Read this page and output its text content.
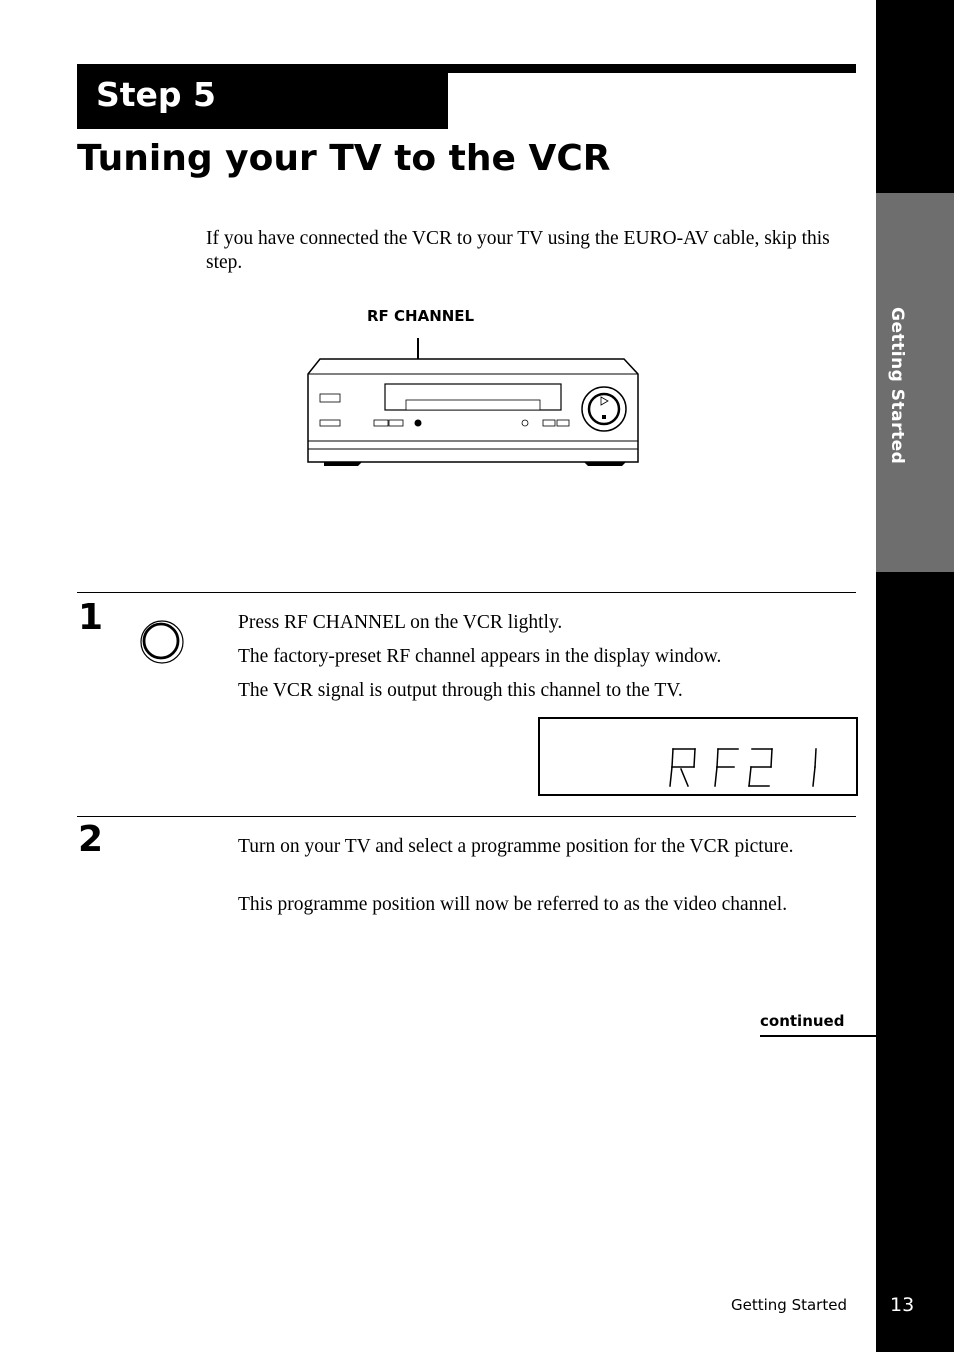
Getting Started
Step 5
Tuning your TV to the VCR
If you have connected the VCR to your TV using the EURO-AV cable, skip this step.
RF CHANNEL
1	Press RF CHANNEL on the VCR lightly.
The factory-preset RF channel appears in the display window.
The VCR signal is output through this channel to the TV.
2	Turn on your TV and select a programme position for the VCR picture.
This programme position will now be referred to as the video channel.
continued
Getting Started 13
